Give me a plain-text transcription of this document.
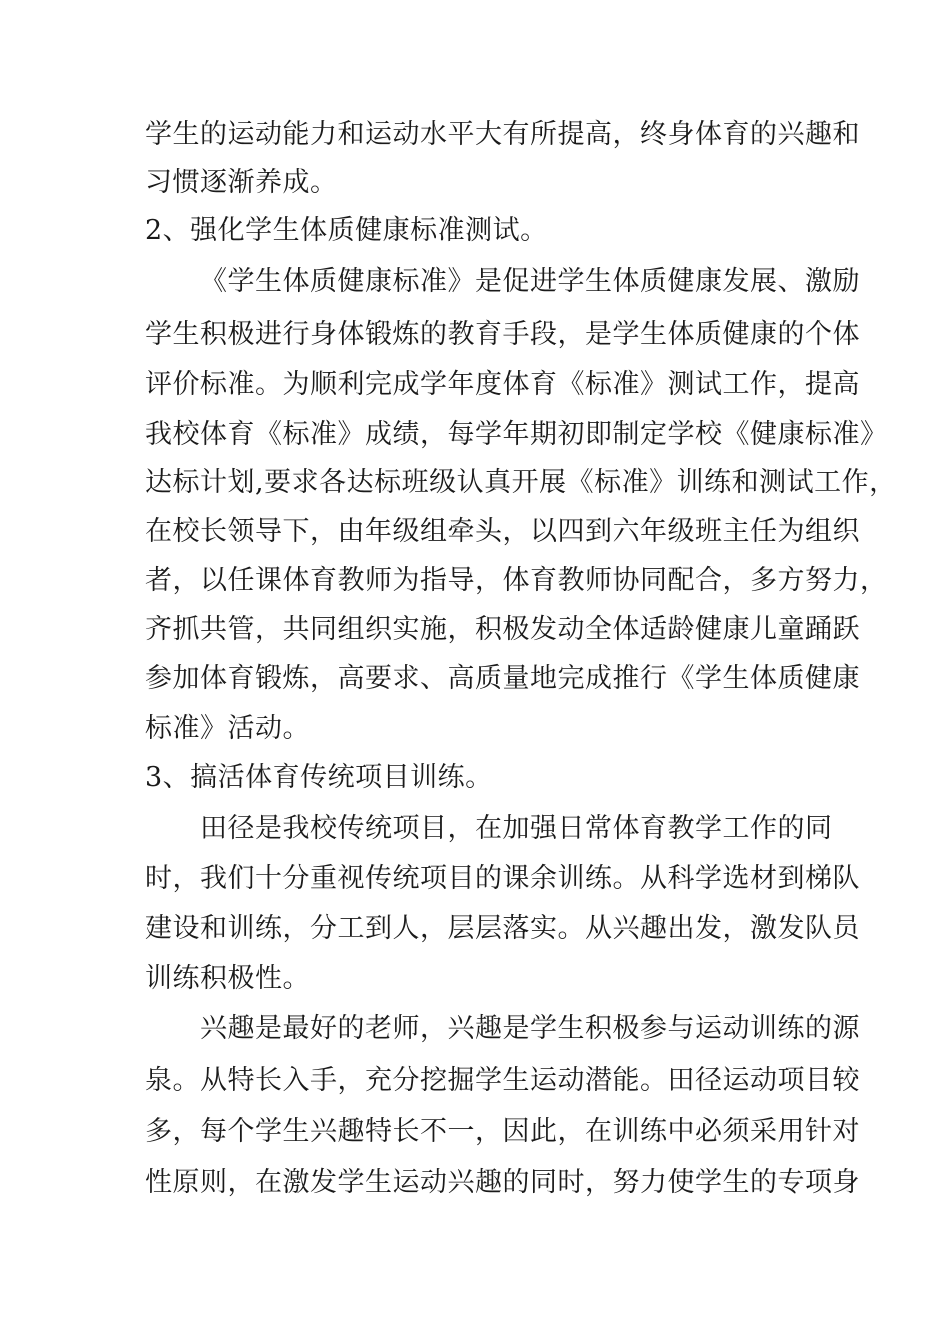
学生的运动能力和运动水平大有所提高，终身体育的兴趣和
习惯逐渐养成。
2、强化学生体质健康标准测试。
《学生体质健康标准》是促进学生体质健康发展、激励
学生积极进行身体锻炼的教育手段，是学生体质健康的个体
评价标准。为顺利完成学年度体育《标准》测试工作，提高
我校体育《标准》成绩，每学年期初即制定学校《健康标准》
达标计划,要求各达标班级认真开展《标准》训练和测试工作，
在校长领导下，由年级组牵头，以四到六年级班主任为组织
者，以任课体育教师为指导，体育教师协同配合，多方努力，
齐抓共管，共同组织实施，积极发动全体适龄健康儿童踊跃
参加体育锻炼，高要求、高质量地完成推行《学生体质健康
标准》活动。
3、搞活体育传统项目训练。
田径是我校传统项目，在加强日常体育教学工作的同
时，我们十分重视传统项目的课余训练。从科学选材到梯队
建设和训练，分工到人，层层落实。从兴趣出发，激发队员
训练积极性。
兴趣是最好的老师，兴趣是学生积极参与运动训练的源
泉。从特长入手，充分挖掘学生运动潜能。田径运动项目较
多，每个学生兴趣特长不一，因此，在训练中必须采用针对
性原则，在激发学生运动兴趣的同时，努力使学生的专项身
